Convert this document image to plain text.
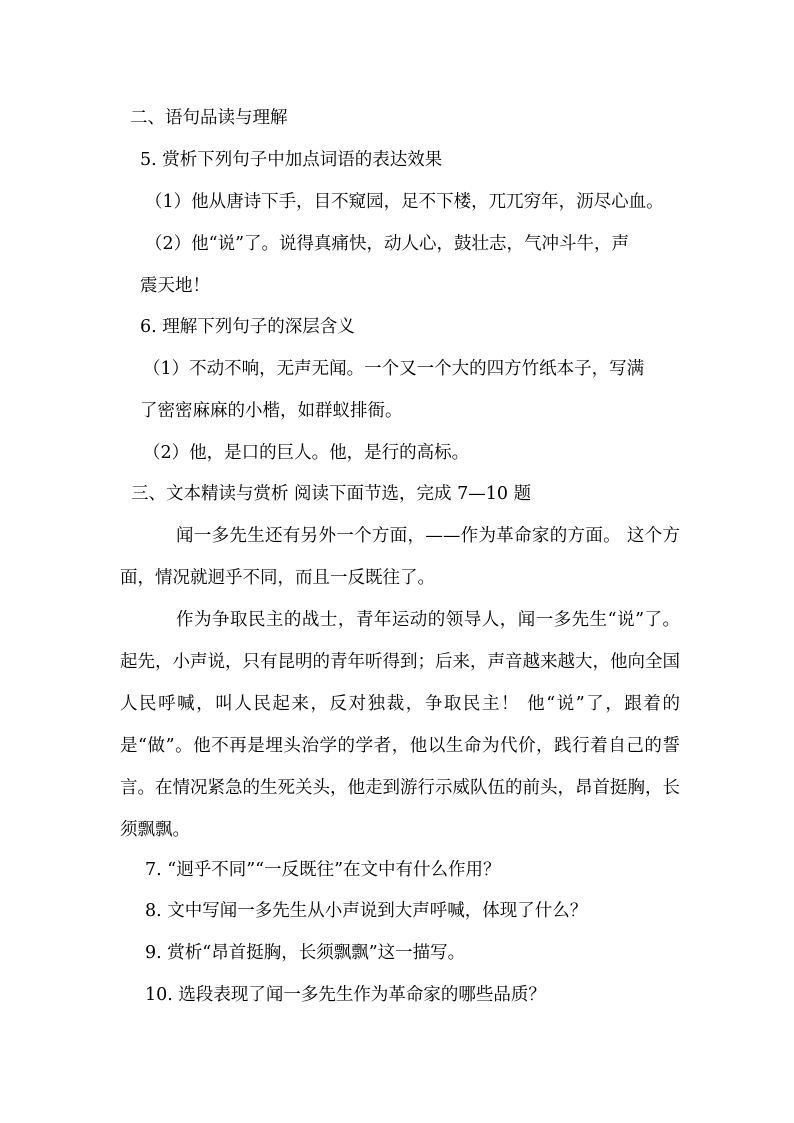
二、语句品读与理解
5. 赏析下列句子中加点词语的表达效果
（1）他从唐诗下手，目不窥园，足不下楼，兀兀穷年，沥尽心血。
（2）他“说”了。说得真痛快，动人心，鼓壮志，气冲斗牛，声
震天地！
6. 理解下列句子的深层含义
（1）不动不响，无声无闻。一个又一个大的四方竹纸本子，写满
了密密麻麻的小楷，如群蚁排衙。
（2）他，是口的巨人。他，是行的高标。
三、文本精读与赏析 阅读下面节选，完成 7—10 题
闻一多先生还有另外一个方面，——作为革命家的方面。 这个方面，情况就迥乎不同，而且一反既往了。
作为争取民主的战士，青年运动的领导人，闻一多先生“说”了。起先，小声说，只有昆明的青年听得到；后来，声音越来越大，他向全国人民呼喊，叫人民起来，反对独裁，争取民主！ 他“说”了，跟着的是“做”。他不再是埋头治学的学者，他以生命为代价，践行着自己的誓言。在情况紧急的生死关头，他走到游行示威队伍的前头，昂首挺胸，长须飘飘。
7. “迥乎不同”“一反既往”在文中有什么作用？
8. 文中写闻一多先生从小声说到大声呼喊，体现了什么？
9. 赏析“昂首挺胸，长须飘飘”这一描写。
10. 选段表现了闻一多先生作为革命家的哪些品质？
